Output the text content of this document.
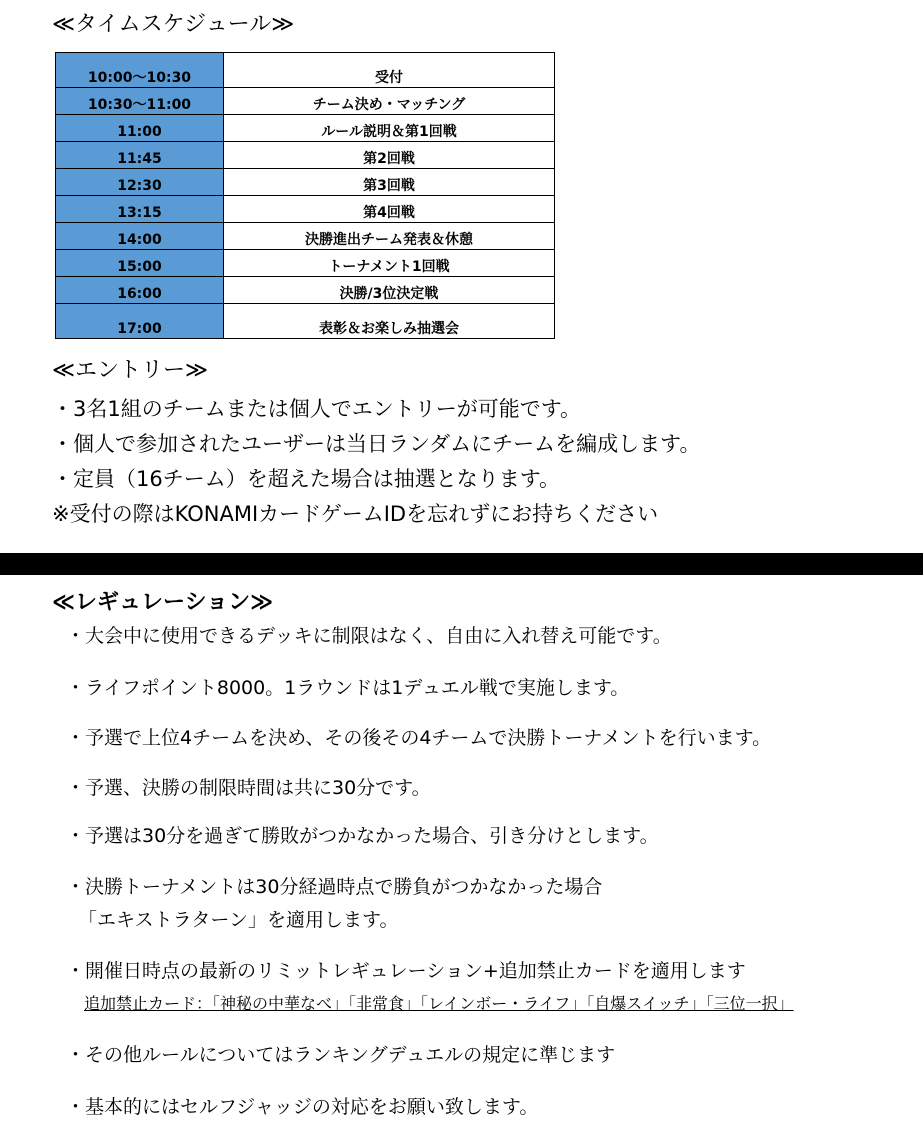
≪タイムスケジュール≫
10:00～10:30	受付
10:30～11:00	チーム決め・マッチング
11:00	ルール説明＆第1回戦
11:45	第2回戦
12:30	第3回戦
13:15	第4回戦
14:00	決勝進出チーム発表＆休憩
15:00	トーナメント1回戦
16:00	決勝/3位決定戦
17:00	表彰＆お楽しみ抽選会
≪エントリー≫
・3名1組のチームまたは個人でエントリーが可能です。
・個人で参加されたユーザーは当日ランダムにチームを編成します。
・定員（16チーム）を超えた場合は抽選となります。
※受付の際はKONAMIカードゲームIDを忘れずにお持ちください
≪レギュレーション≫
・大会中に使用できるデッキに制限はなく、自由に入れ替え可能です。
・ライフポイント8000。1ラウンドは1デュエル戦で実施します。
・予選で上位4チームを決め、その後その4チームで決勝トーナメントを行います。
・予選、決勝の制限時間は共に30分です。
・予選は30分を過ぎて勝敗がつかなかった場合、引き分けとします。
・決勝トーナメントは30分経過時点で勝負がつかなかった場合
「エキストラターン」を適用します。
・開催日時点の最新のリミットレギュレーション+追加禁止カードを適用します
追加禁止カード：「神秘の中華なべ」「非常食」「レインボー・ライフ」「自爆スイッチ」「三位一択」
・その他ルールについてはランキングデュエルの規定に準じます
・基本的にはセルフジャッジの対応をお願い致します。
